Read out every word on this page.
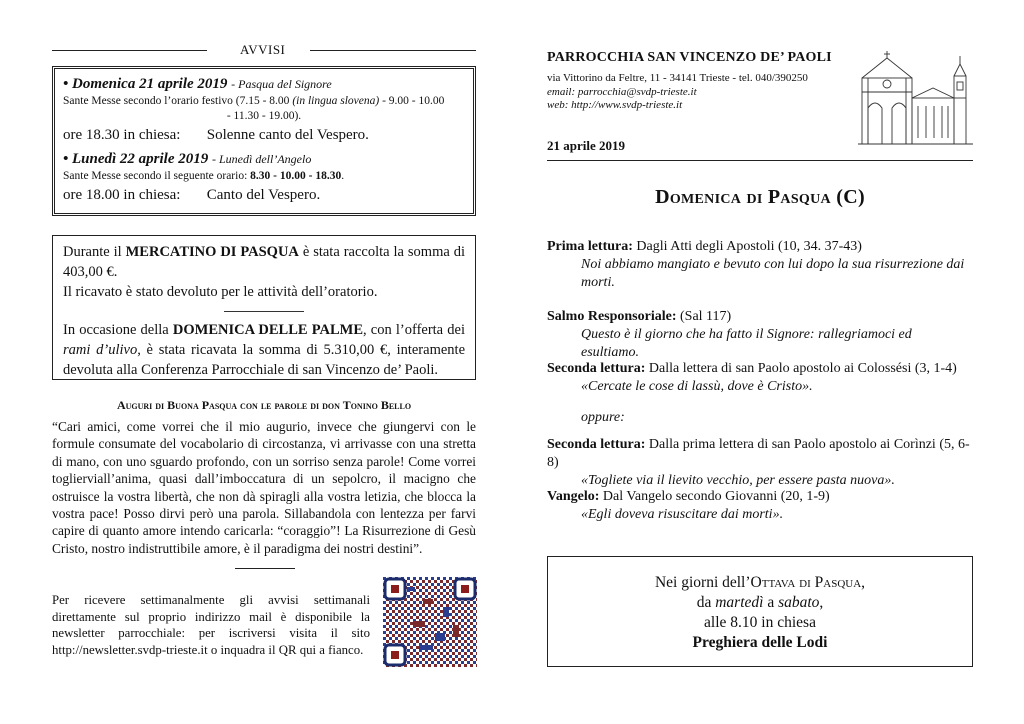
AVVISI
• Domenica 21 aprile 2019 - Pasqua del Signore
Sante Messe secondo l’orario festivo (7.15 - 8.00 (in lingua slovena) - 9.00 - 10.00
- 11.30 - 19.00).
ore 18.30 in chiesa: Solenne canto del Vespero.
• Lunedì 22 aprile 2019 - Lunedì dell’Angelo
Sante Messe secondo il seguente orario: 8.30 - 10.00 - 18.30.
ore 18.00 in chiesa: Canto del Vespero.

Durante il MERCATINO DI PASQUA è stata raccolta la somma di 403,00 €.

Il ricavato è stato devoluto per le attività dell’oratorio.

In occasione della DOMENICA DELLE PALME, con l’offerta dei rami d’ulivo, è stata ricavata la somma di 5.310,00 €, interamente devoluta alla Conferenza Parrocchiale di san Vincenzo de’ Paoli.

Auguri di Buona Pasqua con le parole di don Tonino Bello
“Cari amici, come vorrei che il mio augurio, invece che giungervi con le formule consumate del vocabolario di circostanza, vi arrivasse con una stretta di mano, con uno sguardo profondo, con un sorriso senza parole! Come vorrei toglierviall’anima, quasi dall’imboccatura di un sepolcro, il macigno che ostruisce la vostra libertà, che non dà spiragli alla vostra letizia, che blocca la vostra pace! Posso dirvi però una parola. Sillabandola con lentezza per farvi capire di quanto amore intendo caricarla: “coraggio”! La Risurrezione di Gesù Cristo, nostro indistruttibile amore, è il paradigma dei nostri destini”.
Per ricevere settimanalmente gli avvisi settimanali direttamente sul proprio indirizzo mail è disponibile la newsletter parrocchiale: per iscriversi visita il sito http://newsletter.svdp-trieste.it o inquadra il QR qui a fianco.
PARROCCHIA SAN VINCENZO DE’ PAOLI
via Vittorino da Feltre, 11 - 34141 Trieste - tel. 040/390250
email: parrocchia@svdp-trieste.it
web: http://www.svdp-trieste.it
21 aprile 2019
Domenica di Pasqua (C)
Prima lettura: Dagli Atti degli Apostoli (10, 34. 37-43)
Noi abbiamo mangiato e bevuto con lui dopo la sua risurrezione dai morti.
Salmo Responsoriale: (Sal 117)
Questo è il giorno che ha fatto il Signore: rallegriamoci ed esultiamo.
Seconda lettura: Dalla lettera di san Paolo apostolo ai Colossési (3, 1-4)
«Cercate le cose di lassù, dove è Cristo».
oppure:
Seconda lettura: Dalla prima lettera di san Paolo apostolo ai Corìnzi (5, 6-8)
«Togliete via il lievito vecchio, per essere pasta nuova».
Vangelo: Dal Vangelo secondo Giovanni (20, 1-9)
«Egli doveva risuscitare dai morti».
Nei giorni dell’Ottava di Pasqua,
da martedì a sabato,
alle 8.10 in chiesa
Preghiera delle Lodi
